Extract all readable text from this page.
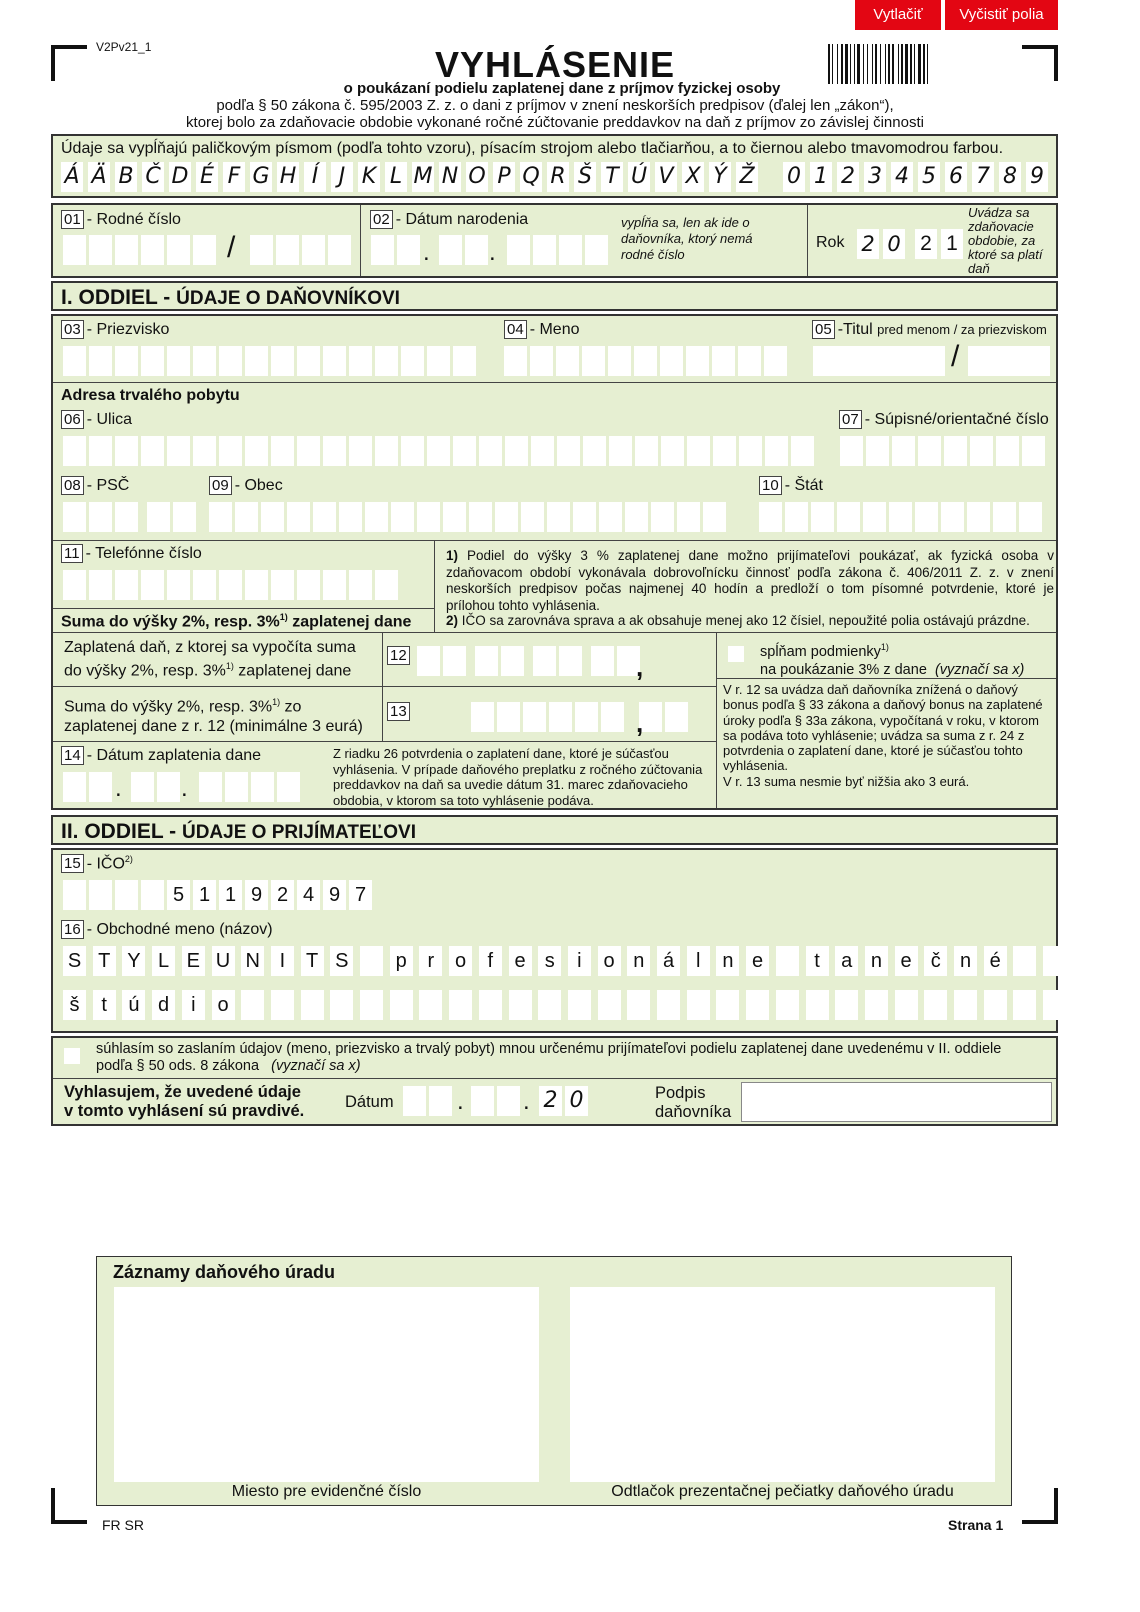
Vytlačiť	Vyčistiť polia
V2Pv21_1	VYHLÁSENIE
o poukázaní podielu zaplatenej dane z príjmov fyzickej osoby
podľa § 50 zákona č. 595/2003 Z. z. o dani z príjmov v znení neskorších predpisov (ďalej len „zákon“),
ktorej bolo za zdaňovacie obdobie vykonané ročné zúčtovanie preddavkov na daň z príjmov zo závislej činnosti
Údaje sa vypĺňajú paličkovým písmom (podľa tohto vzoru), písacím strojom alebo tlačiarňou, a to čiernou alebo tmavomodrou farbou.
Á Ä B Č D É F G H Í J K L M N O P Q R Š T Ú V X Ý Ž 0 1 2 3 4 5 6 7 8 9
01 - Rodné číslo
/
02 - Dátum narodenia
. .
vypĺňa sa, len ak ide o daňovníka, ktorý nemá rodné číslo
Rok 2 0 2 1
Uvádza sa zdaňovacie obdobie, za ktoré sa platí daň
I. ODDIEL - ÚDAJE O DAŇOVNÍKOVI
03 - Priezvisko	04 - Meno	05 -Titul pred menom / za priezviskom
/
Adresa trvalého pobytu
06 - Ulica	07 - Súpisné/orientačné číslo
08 - PSČ	09 - Obec	10 - Štát
11 - Telefónne číslo	1) Podiel do výšky 3 % zaplatenej dane možno prijímateľovi poukázať, ak fyzická osoba v zdaňovacom období vykonávala dobrovoľnícku činnosť podľa zákona č. 406/2011 Z. z. v znení neskorších predpisov počas najmenej 40 hodín a predloží o tom písomné potvrdenie, ktoré je prílohou tohto vyhlásenia.
2) IČO sa zarovnáva sprava a ak obsahuje menej ako 12 čísiel, nepoužité polia ostávajú prázdne.
Suma do výšky 2%, resp. 3%$^{1)}$ zaplatenej dane
Zaplatená daň, z ktorej sa vypočíta suma
do výšky 2%, resp. 3%$^{1)}$ zaplatenej dane
12	,
spĺňam podmienky$^{1)}$
na poukázanie 3% z dane (vyznačí sa x)
V r. 12 sa uvádza daň daňovníka znížená o daňový bonus podľa § 33 zákona a daňový bonus na zaplatené úroky podľa § 33a zákona, vypočítaná v roku, v ktorom sa podáva toto vyhlásenie; uvádza sa suma z r. 24 z potvrdenia o zaplatení dane, ktoré je súčasťou tohto vyhlásenia.
V r. 13 suma nesmie byť nižšia ako 3 eurá.
Suma do výšky 2%, resp. 3%$^{1)}$ zo
zaplatenej dane z r. 12 (minimálne 3 eurá)
13	,
14 - Dátum zaplatenia dane
. .
Z riadku 26 potvrdenia o zaplatení dane, ktoré je súčasťou vyhlásenia. V prípade daňového preplatku z ročného zúčtovania preddavkov na daň sa uvedie dátum 31. marec zdaňovacieho obdobia, v ktorom sa toto vyhlásenie podáva.
II. ODDIEL - ÚDAJE O PRIJÍMATEĽOVI
15 - IČO$^{2)}$
5 1 1 9 2 4 9 7
16 - Obchodné meno (názov)
S T Y L E U N I	T S p	r	o	f	e s	i	o n á	l	n e	t	a n e č n é
š	t	ú d	i	o
súhlasím so zaslaním údajov (meno, priezvisko a trvalý pobyt) mnou určenému prijímateľovi podielu zaplatenej dane uvedenému v II. oddiele
podľa § 50 ods. 8 zákona (vyznačí sa x)
Vyhlasujem, že uvedené údaje
v tomto vyhlásení sú pravdivé. Dátum	2 0
. .	Podpis
daňovníka
Záznamy daňového úradu
Miesto pre evidenčné číslo	Odtlačok prezentačnej pečiatky daňového úradu
FR SR	Strana 1
